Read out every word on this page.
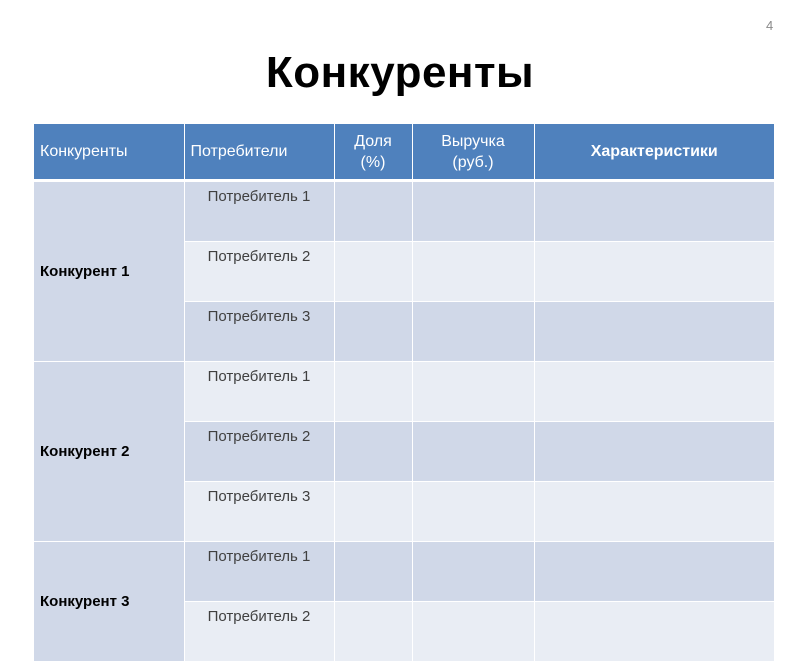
4
Конкуренты
Конкуренты	Потребители	Доля (%)	Выручка (руб.)	Характеристики
Конкурент 1	Потребитель 1			
	Потребитель 2			
	Потребитель 3			
Конкурент 2	Потребитель 1			
	Потребитель 2			
	Потребитель 3			
Конкурент 3	Потребитель 1			
	Потребитель 2			
